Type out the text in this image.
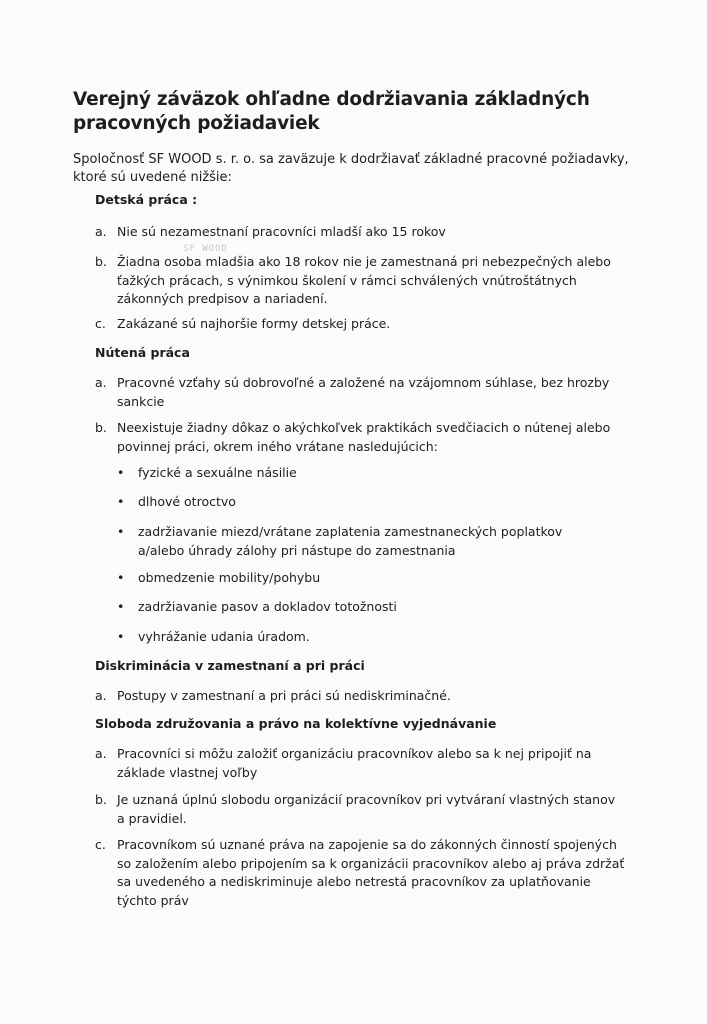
Verejný záväzok ohľadne dodržiavania základných pracovných požiadaviek

Spoločnosť SF WOOD s. r. o. sa zaväzuje k dodržiavať základné pracovné požiadavky, ktoré sú uvedené nižšie:

Detská práca :

a. Nie sú nezamestnaní pracovníci mladší ako 15 rokov
SF WOOD
b. Žiadna osoba mladšia ako 18 rokov nie je zamestnaná pri nebezpečných alebo ťažkých prácach, s výnimkou školení v rámci schválených vnútroštátnych zákonných predpisov a nariadení.
c. Zakázané sú najhoršie formy detskej práce.

Nútená práca

a. Pracovné vzťahy sú dobrovoľné a založené na vzájomnom súhlase, bez hrozby sankcie
b. Neexistuje žiadny dôkaz o akýchkoľvek praktikách svedčiacich o nútenej alebo povinnej práci, okrem iného vrátane nasledujúcich:
• fyzické a sexuálne násilie
• dlhové otroctvo
• zadržiavanie miezd/vrátane zaplatenia zamestnaneckých poplatkov a/alebo úhrady zálohy pri nástupe do zamestnania
• obmedzenie mobility/pohybu
• zadržiavanie pasov a dokladov totožnosti
• vyhrážanie udania úradom.

Diskriminácia v zamestnaní a pri práci

a. Postupy v zamestnaní a pri práci sú nediskriminačné.

Sloboda združovania a právo na kolektívne vyjednávanie

a. Pracovníci si môžu založiť organizáciu pracovníkov alebo sa k nej pripojiť na základe vlastnej voľby
b. Je uznaná úplnú slobodu organizácií pracovníkov pri vytváraní vlastných stanov a pravidiel.
c. Pracovníkom sú uznané práva na zapojenie sa do zákonných činností spojených so založením alebo pripojením sa k organizácii pracovníkov alebo aj práva zdržať sa uvedeného a nediskriminuje alebo netrestá pracovníkov za uplatňovanie týchto práv
